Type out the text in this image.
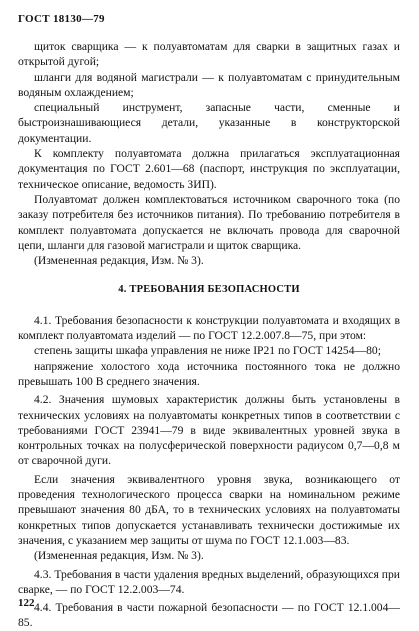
ГОСТ 18130—79

щиток сварщика — к полуавтоматам для сварки в защитных газах и открытой дугой;

шланги для водяной магистрали — к полуавтоматам с принудительным водяным охлаждением;

специальный инструмент, запасные части, сменные и быстроизнашивающиеся детали, указанные в конструкторской документации.

К комплекту полуавтомата должна прилагаться эксплуатационная документация по ГОСТ 2.601—68 (паспорт, инструкция по эксплуатации, техническое описание, ведомость ЗИП).

Полуавтомат должен комплектоваться источником сварочного тока (по заказу потребителя без источников питания). По требованию потребителя в комплект полуавтомата допускается не включать провода для сварочной цепи, шланги для газовой магистрали и щиток сварщика.

(Измененная редакция, Изм. № 3).

4. ТРЕБОВАНИЯ БЕЗОПАСНОСТИ

4.1. Требования безопасности к конструкции полуавтомата и входящих в комплект полуавтомата изделий — по ГОСТ 12.2.007.8—75, при этом:

степень защиты шкафа управления не ниже IP21 по ГОСТ 14254—80;

напряжение холостого хода источника постоянного тока не должно превышать 100 В среднего значения.

4.2. Значения шумовых характеристик должны быть установлены в технических условиях на полуавтоматы конкретных типов в соответствии с требованиями ГОСТ 23941—79 в виде эквивалентных уровней звука в контрольных точках на полусферической поверхности радиусом 0,7—0,8 м от сварочной дуги.

Если значения эквивалентного уровня звука, возникающего от проведения технологического процесса сварки на номинальном режиме превышают значения 80 дБА, то в технических условиях на полуавтоматы конкретных типов допускается устанавливать технически достижимые их значения, с указанием мер защиты от шума по ГОСТ 12.1.003—83.

(Измененная редакция, Изм. № 3).

4.3. Требования в части удаления вредных выделений, образующихся при сварке, — по ГОСТ 12.2.003—74.

4.4. Требования в части пожарной безопасности — по ГОСТ 12.1.004—85.

122
